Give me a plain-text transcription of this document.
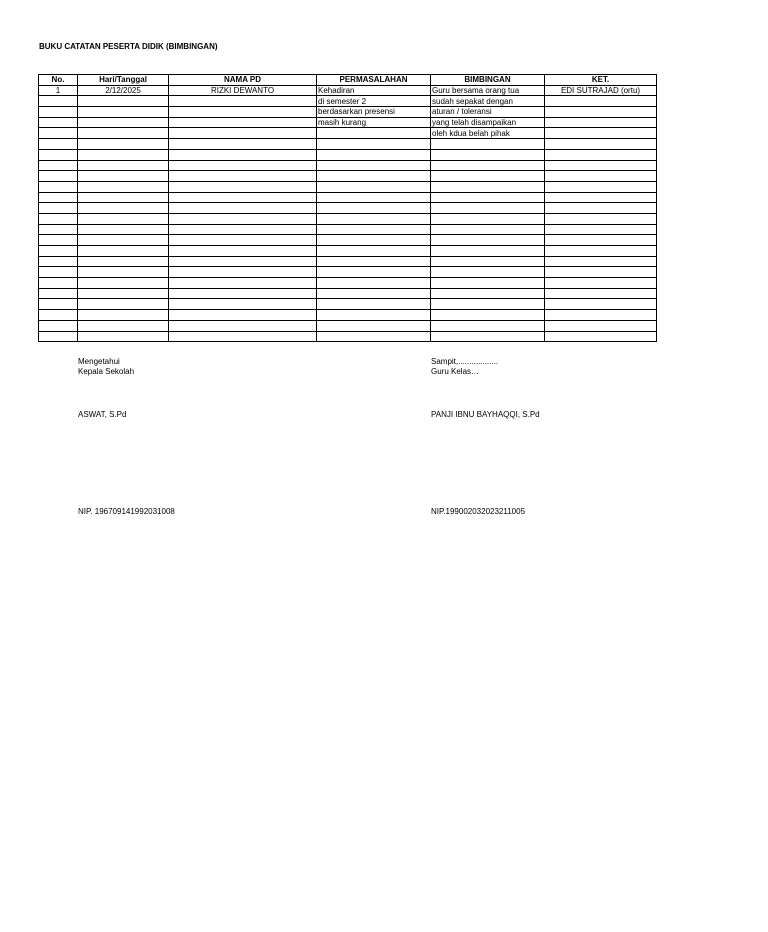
BUKU CATATAN PESERTA DIDIK (BIMBINGAN)
No.	Hari/Tanggal	NAMA PD	PERMASALAHAN	BIMBINGAN	KET.
1	2/12/2025	RIZKI DEWANTO	Kehadiran	Guru bersama orang tua	EDI SUTRAJAD (ortu)
			di semester 2	sudah sepakat dengan	
			berdasarkan presensi	aturan / toleransi	
			masih kurang	yang telah disampaikan	
				oleh kdua belah pihak	

Mengetahui
Kepala Sekolah
ASWAT, S.Pd
NIP. 196709141992031008
Sampit,..................
Guru Kelas…
PANJI IBNU BAYHAQQI, S.Pd
NIP.199002032023211005
